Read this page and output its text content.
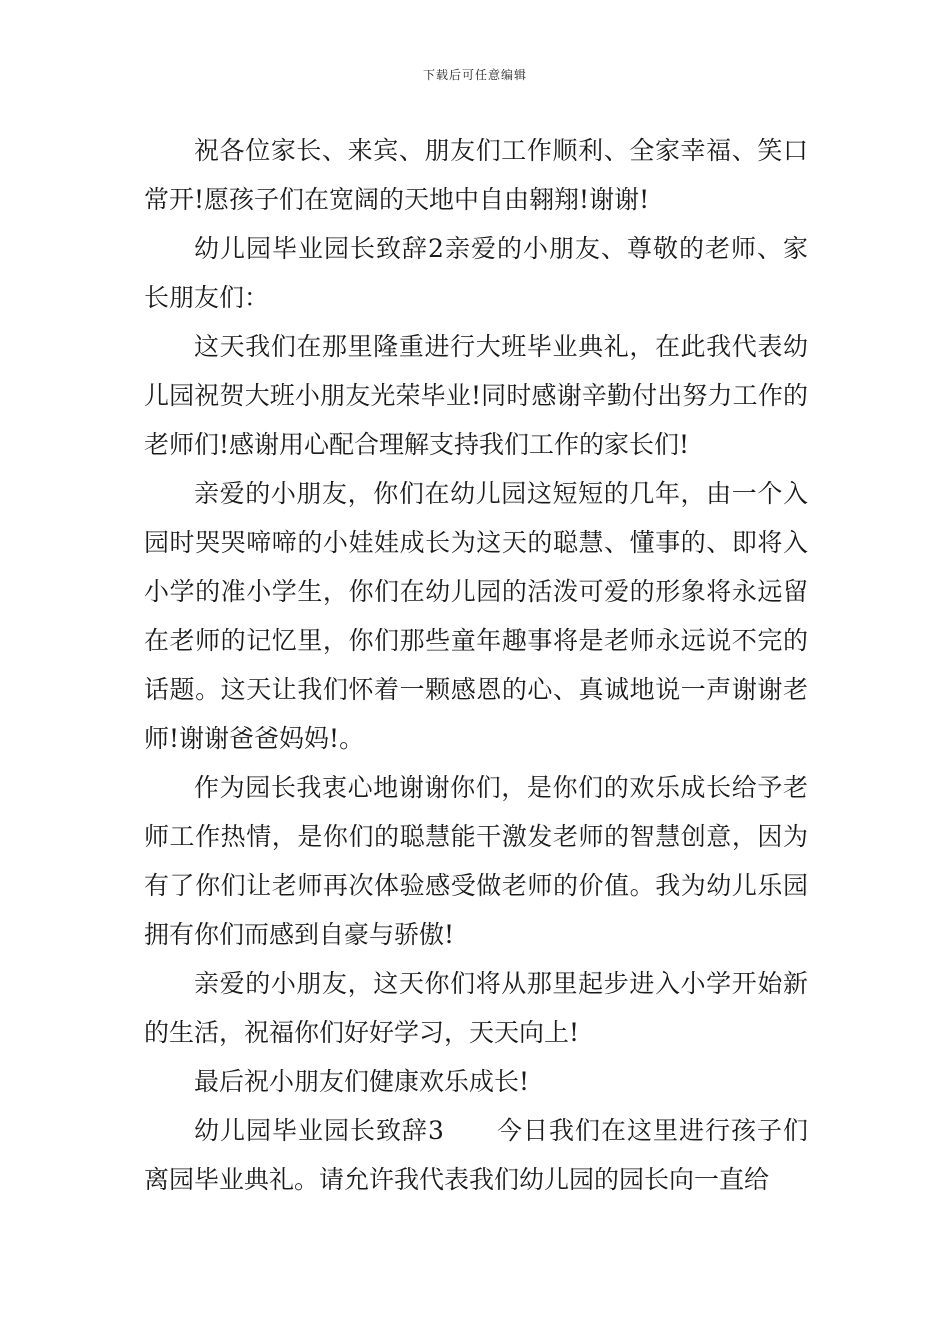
下载后可任意编辑

祝各位家长、来宾、朋友们工作顺利、全家幸福、笑口常开!愿孩子们在宽阔的天地中自由翱翔!谢谢!

幼儿园毕业园长致辞2亲爱的小朋友、尊敬的老师、家长朋友们：

这天我们在那里隆重进行大班毕业典礼，在此我代表幼儿园祝贺大班小朋友光荣毕业!同时感谢辛勤付出努力工作的老师们!感谢用心配合理解支持我们工作的家长们!

亲爱的小朋友，你们在幼儿园这短短的几年，由一个入园时哭哭啼啼的小娃娃成长为这天的聪慧、懂事的、即将入小学的准小学生，你们在幼儿园的活泼可爱的形象将永远留在老师的记忆里，你们那些童年趣事将是老师永远说不完的话题。这天让我们怀着一颗感恩的心、真诚地说一声谢谢老师!谢谢爸爸妈妈!。

作为园长我衷心地谢谢你们，是你们的欢乐成长给予老师工作热情，是你们的聪慧能干激发老师的智慧创意，因为有了你们让老师再次体验感受做老师的价值。我为幼儿乐园拥有你们而感到自豪与骄傲!

亲爱的小朋友，这天你们将从那里起步进入小学开始新的生活，祝福你们好好学习，天天向上!

最后祝小朋友们健康欢乐成长!

幼儿园毕业园长致辞3　　今日我们在这里进行孩子们离园毕业典礼。请允许我代表我们幼儿园的园长向一直给
